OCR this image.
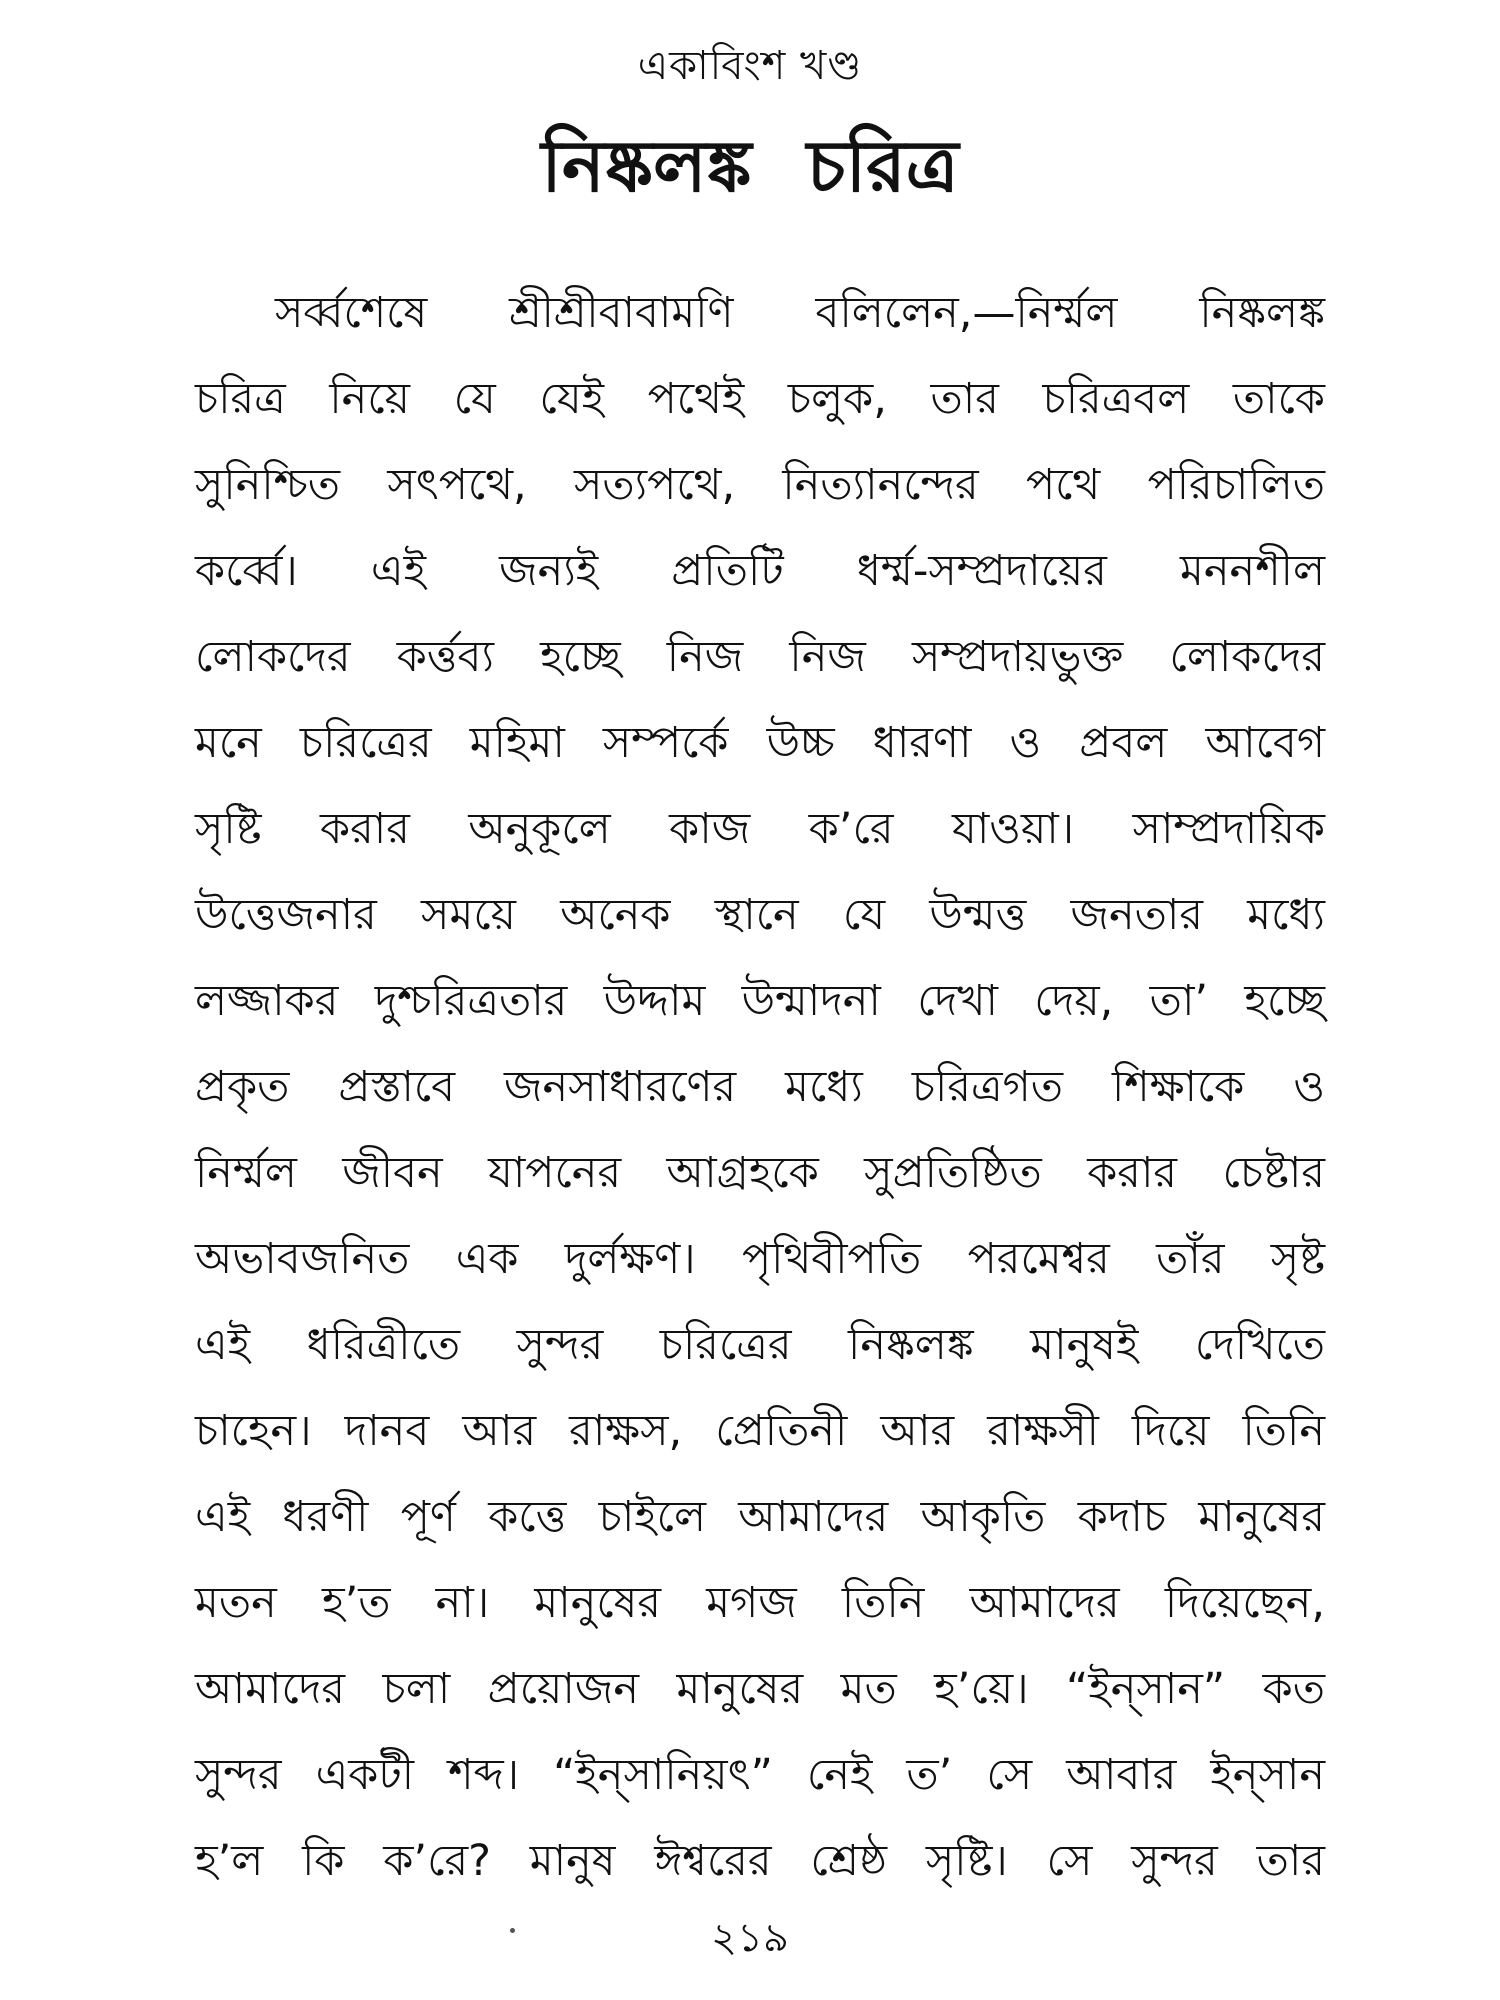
একাবিংশ খণ্ড
নিষ্কলঙ্ক চরিত্র
সর্ব্বশেষে শ্রীশ্রীবাবামণি বলিলেন,—নির্ম্মল নিষ্কলঙ্ক
চরিত্র নিয়ে যে যেই পথেই চলুক, তার চরিত্রবল তাকে
সুনিশ্চিত সৎপথে, সত্যপথে, নিত্যানন্দের পথে পরিচালিত
কর্ব্বে। এই জন্যই প্রতিটি ধর্ম্ম-সম্প্রদায়ের মননশীল
লোকদের কর্ত্তব্য হচ্ছে নিজ নিজ সম্প্রদায়ভুক্ত লোকদের
মনে চরিত্রের মহিমা সম্পর্কে উচ্চ ধারণা ও প্রবল আবেগ
সৃষ্টি করার অনুকূলে কাজ ক’রে যাওয়া। সাম্প্রদায়িক
উত্তেজনার সময়ে অনেক স্থানে যে উন্মত্ত জনতার মধ্যে
লজ্জাকর দুশ্চরিত্রতার উদ্দাম উন্মাদনা দেখা দেয়, তা’ হচ্ছে
প্রকৃত প্রস্তাবে জনসাধারণের মধ্যে চরিত্রগত শিক্ষাকে ও
নির্ম্মল জীবন যাপনের আগ্রহকে সুপ্রতিষ্ঠিত করার চেষ্টার
অভাবজনিত এক দুর্লক্ষণ। পৃথিবীপতি পরমেশ্বর তাঁর সৃষ্ট
এই ধরিত্রীতে সুন্দর চরিত্রের নিষ্কলঙ্ক মানুষই দেখিতে
চাহেন। দানব আর রাক্ষস, প্রেতিনী আর রাক্ষসী দিয়ে তিনি
এই ধরণী পূর্ণ কত্তে চাইলে আমাদের আকৃতি কদাচ মানুষের
মতন হ’ত না। মানুষের মগজ তিনি আমাদের দিয়েছেন,
আমাদের চলা প্রয়োজন মানুষের মত হ’য়ে। “ইন্‌সান” কত
সুন্দর একটী শব্দ। “ইন্‌সানিয়ৎ” নেই ত’ সে আবার ইন্‌সান
হ’ল কি ক’রে? মানুষ ঈশ্বরের শ্রেষ্ঠ সৃষ্টি। সে সুন্দর তার
২১৯
